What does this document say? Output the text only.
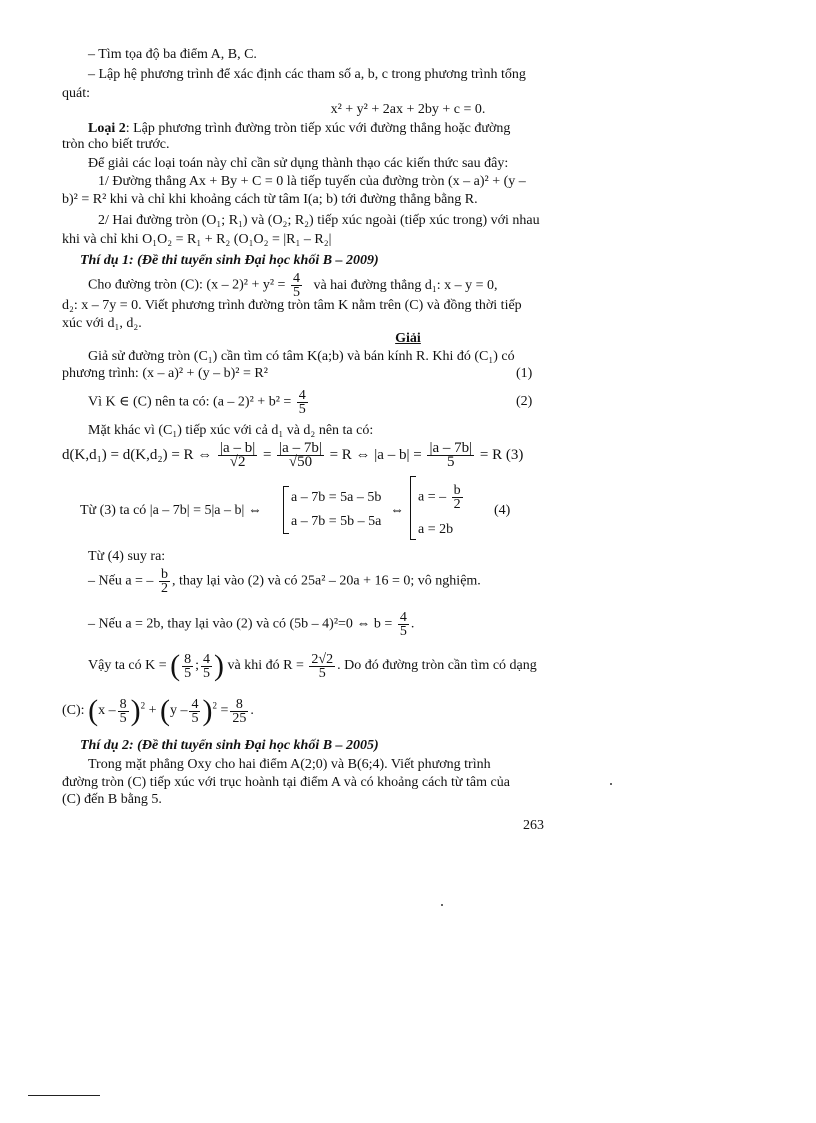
– Tìm tọa độ ba điểm A, B, C.
– Lập hệ phương trình để xác định các tham số a, b, c trong phương trình tổng
quát:
x² + y² + 2ax + 2by + c = 0.
Loại 2: Lập phương trình đường tròn tiếp xúc với đường thẳng hoặc đường
tròn cho biết trước.
Để giải các loại toán này chỉ cần sử dụng thành thạo các kiến thức sau đây:
1/ Đường thẳng Ax + By + C = 0 là tiếp tuyến của đường tròn (x – a)² + (y –
b)² = R² khi và chỉ khi khoảng cách từ tâm I(a; b) tới đường thẳng bằng R.
2/ Hai đường tròn (O₁; R₁) và (O₂; R₂) tiếp xúc ngoài (tiếp xúc trong) với nhau
khi và chỉ khi O₁O₂ = R₁ + R₂ (O₁O₂ = |R₁ – R₂|
Thí dụ 1: (Đề thi tuyển sinh Đại học khối B – 2009)
Cho đường tròn (C): $(x - 2)^2 + y^2 = \frac{4}{5}$ và hai đường thẳng d₁: x – y = 0,
d₂: x – 7y = 0. Viết phương trình đường tròn tâm K nằm trên (C) và đồng thời tiếp
xúc với d₁, d₂.
Giải
Giả sử đường tròn (C₁) cần tìm có tâm K(a;b) và bán kính R. Khi đó (C₁) có
phương trình: (x – a)² + (y – b)² = R²	(1)
Vì K ∈ (C) nên ta có: $(a - 2)^2 + b^2 = \frac{4}{5}$	(2)
Mặt khác vì (C₁) tiếp xúc với cả d₁ và d₂ nên ta có:
d(K,d₁) = d(K,d₂) = R ⇔ $\frac{|a - b|}{√2} = \frac{|a - 7b|}{√50} = R$ ⇔ $|a - b| = \frac{|a - 7b|}{5} = R$ (3)
Từ (3) ta có |a – 7b| = 5|a – b| ⇔
a – 7b = 5a – 5b
a – 7b = 5b – 5a
⇔
a = – $\frac{b}{2}$
a = 2b
(4)
Từ (4) suy ra:
– Nếu a = – $\frac{b}{2}$ , thay lại vào (2) và có 25a² – 20a + 16 = 0; vô nghiệm.
– Nếu a = 2b, thay lại vào (2) và có (5b – 4)²=0 ⇔ $b = \frac{4}{5}$ .
Vậy ta có K = ( $\frac{8}{5}$ ; $\frac{4}{5}$ ) và khi đó $R = \frac{2√2}{5}$ . Do đó đường tròn cần tìm có dạng
(C): $(x - \frac{8}{5} )^2 + (y - \frac{4}{5} )^2 = \frac{8}{25}$ .
Thí dụ 2: (Đề thi tuyển sinh Đại học khối B – 2005)
Trong mặt phẳng Oxy cho hai điểm A(2;0) và B(6;4). Viết phương trình
đường tròn (C) tiếp xúc với trục hoành tại điểm A và có khoảng cách từ tâm của
(C) đến B bằng 5.
263
